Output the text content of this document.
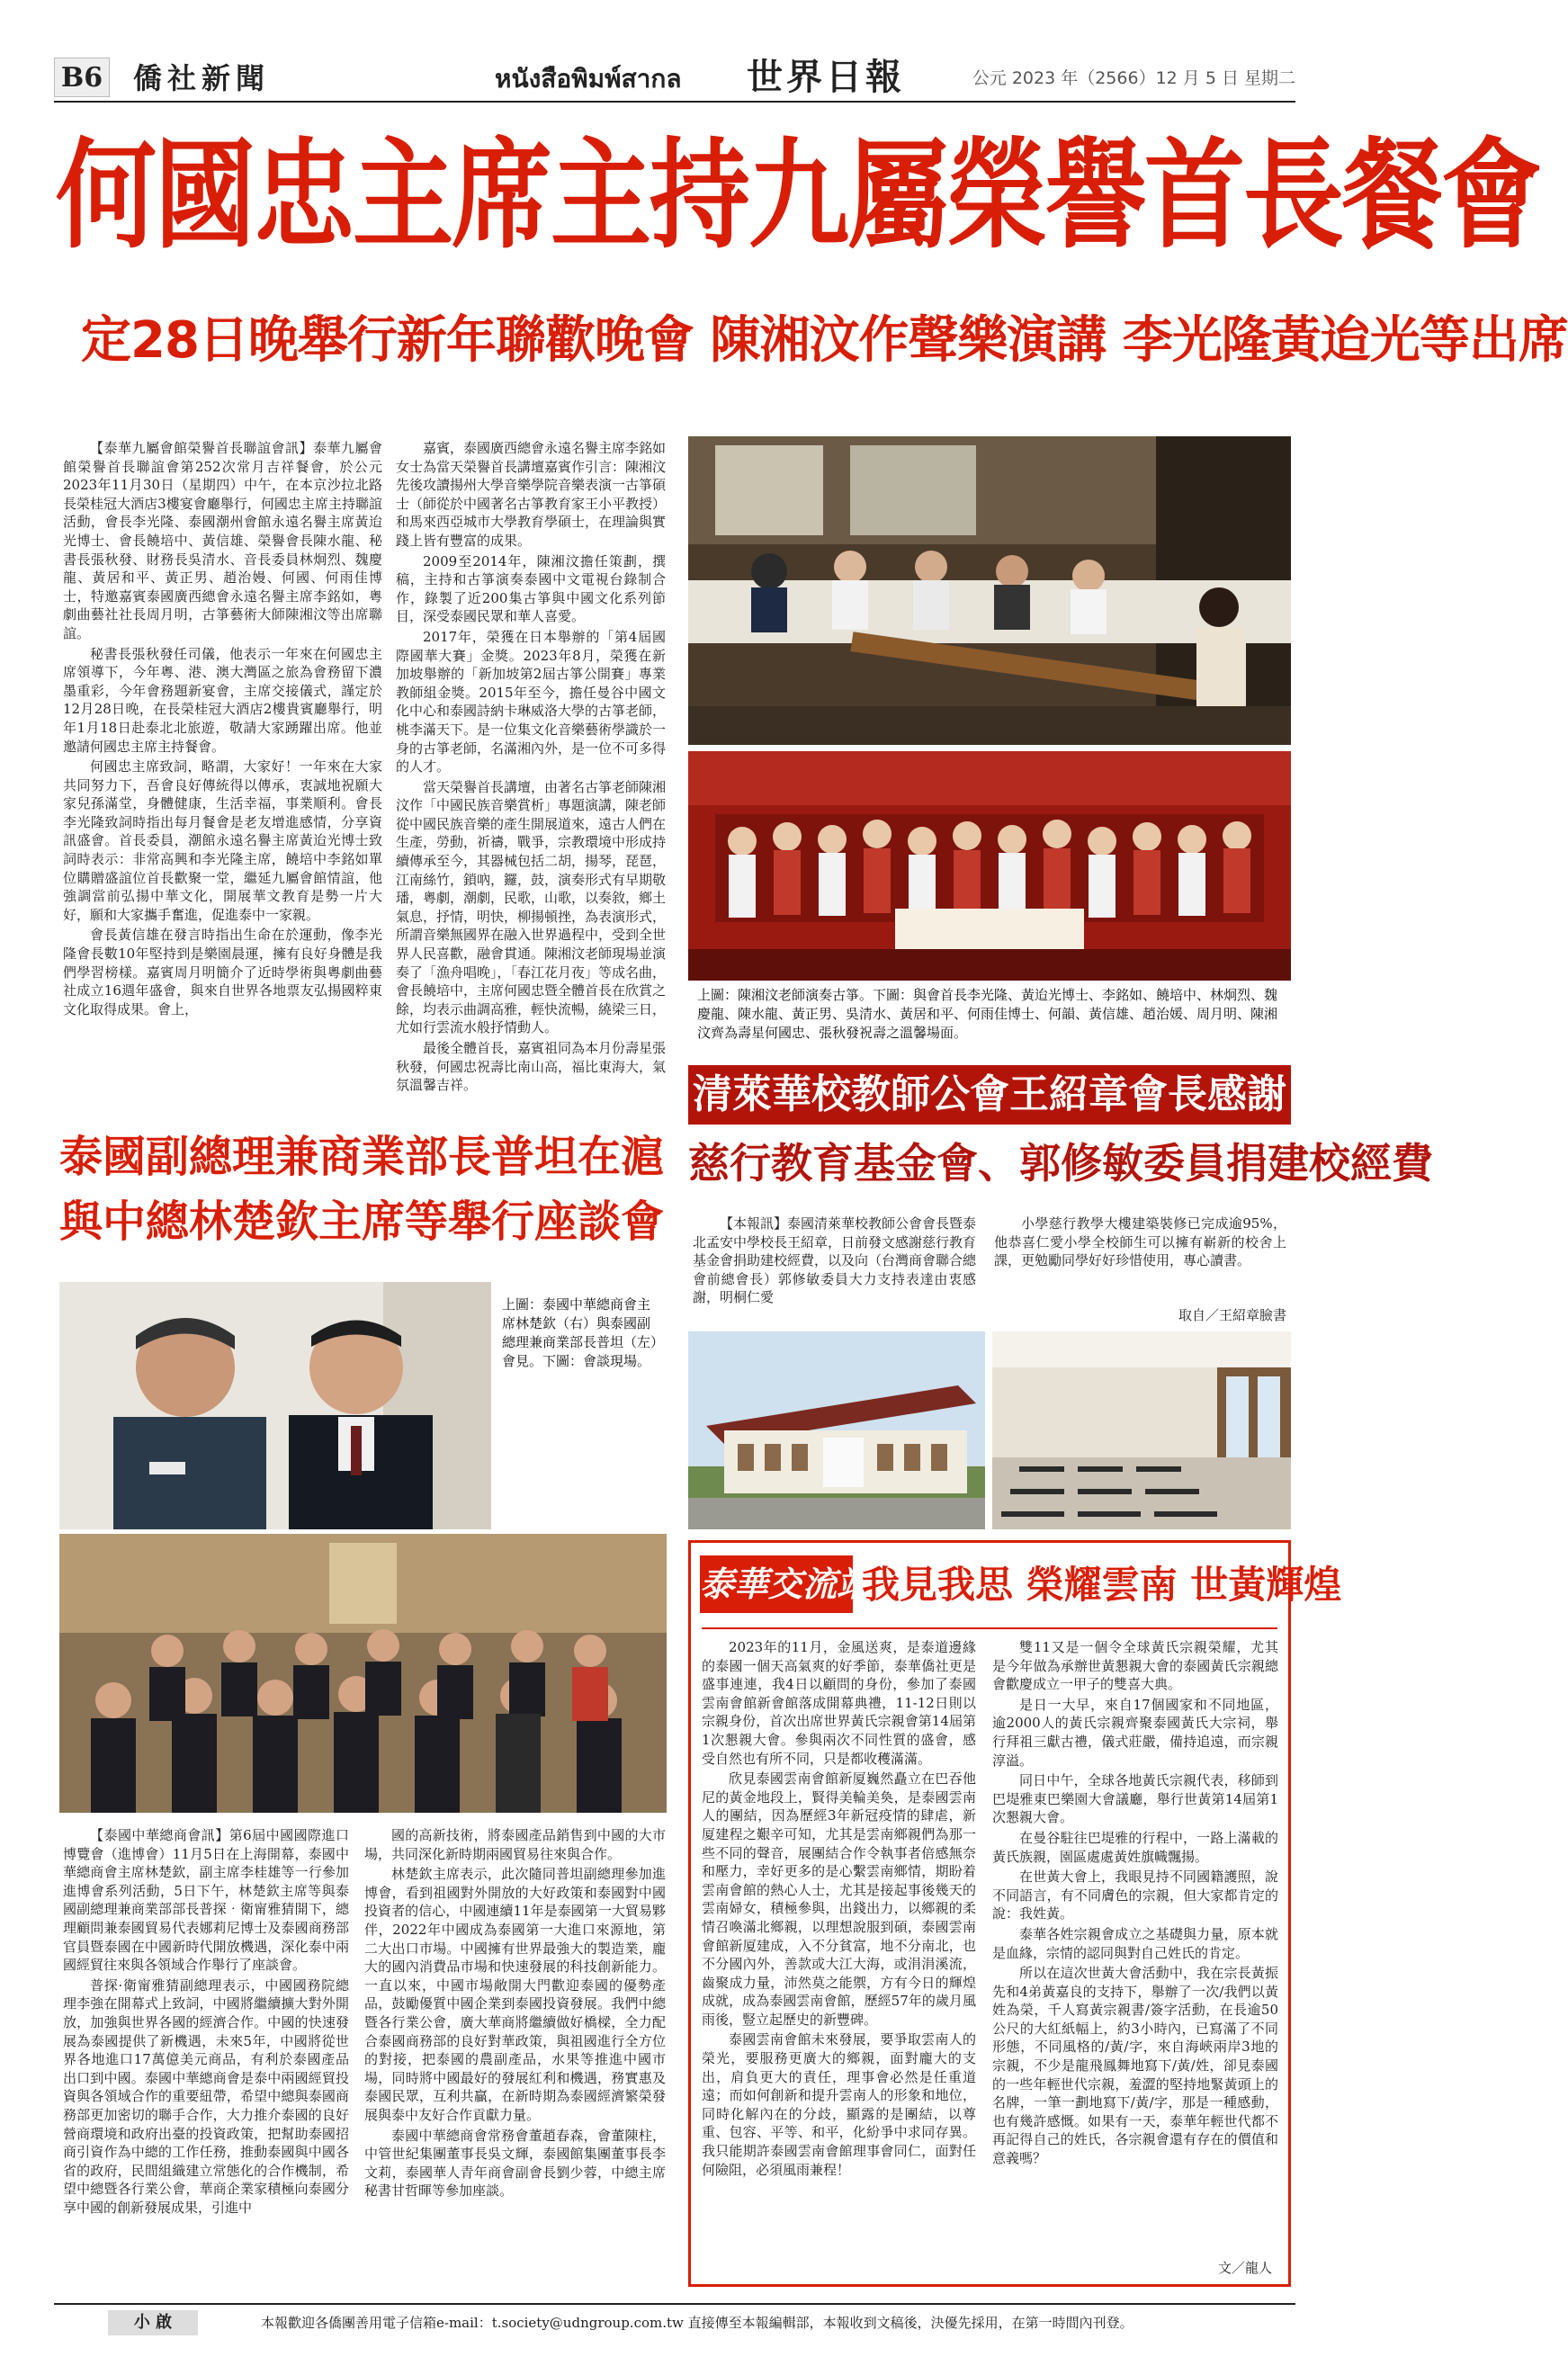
B6 僑社新聞	หนังสือพิมพ์สากล 世界日報	公元 2023 年（2566）12 月 5 日 星期二
何國忠主席主持九屬榮譽首長餐會
定28日晚舉行新年聯歡晚會 陳湘汶作聲樂演講 李光隆黃迨光等出席

【泰華九屬會館榮譽首長聯誼會訊】泰華九屬會館榮譽首長聯誼會第252次常月吉祥餐會，於公元2023年11月30日（星期四）中午，在本京沙拉北路長榮桂冠大酒店3樓宴會廳舉行，何國忠主席主持聯誼活動，會長李光隆、泰國潮州會館永遠名譽主席黃迨光博士、會長饒培中、黃信雄、榮譽會長陳水龍、秘書長張秋發、財務長吳清水、音長委員林炯烈、魏慶龍、黃居和平、黃正男、趙治嫚、何國、何雨佳博士，特邀嘉賓泰國廣西總會永遠名譽主席李銘如，粵劇曲藝社社長周月明，古箏藝術大師陳湘汶等出席聯誼。

秘書長張秋發任司儀，他表示一年來在何國忠主席領導下，今年粵、港、澳大灣區之旅為會務留下濃墨重彩，今年會務題新宴會，主席交接儀式，謹定於12月28日晚，在長榮桂冠大酒店2樓貴賓廳舉行，明年1月18日赴泰北北旅遊，敬請大家踴躍出席。他並邀請何國忠主席主持餐會。

何國忠主席致詞，略謂，大家好！一年來在大家共同努力下，吾會良好傳統得以傳承，衷誠地祝願大家兒孫滿堂，身體健康，生活幸福，事業順利。會長李光隆致詞時指出每月餐會是老友增進感情，分享資訊盛會。首長委員，潮館永遠名譽主席黃迨光博士致詞時表示：非常高興和李光隆主席，饒培中李銘如單位購贈盛誼位首長歡聚一堂，繼延九屬會館情誼，他強調當前弘揚中華文化，開展華文教育是勢一片大好，願和大家攜手奮進，促進泰中一家親。

會長黃信雄在發言時指出生命在於運動，像李光隆會長數10年堅持到是樂園晨運，擁有良好身體是我們學習榜樣。嘉賓周月明簡介了近時學術與粵劇曲藝社成立16週年盛會，與來自世界各地票友弘揚國粹東文化取得成果。會上，

嘉賓，泰國廣西總會永遠名譽主席李銘如女士為當天榮譽首長講壇嘉賓作引言：陳湘汶先後攻讀揚州大學音樂學院音樂表演一古箏碩士（師從於中國著名古箏教育家王小平教授）和馬來西亞城市大學教育學碩士，在理論與實踐上皆有豐富的成果。

2009至2014年，陳湘汶擔任策劃，撰稿，主持和古箏演奏泰國中文電視台錄制合作，錄製了近200集古箏與中國文化系列節目，深受泰國民眾和華人喜愛。

2017年，榮獲在日本舉辦的「第4屆國際國華大賽」金獎。2023年8月，榮獲在新加坡舉辦的「新加坡第2屆古箏公開賽」專業教師組金獎。2015年至今，擔任曼谷中國文化中心和泰國詩納卡琳威洛大學的古箏老師，桃李滿天下。是一位集文化音樂藝術學識於一身的古箏老師，名滿湘內外，是一位不可多得的人才。

當天榮譽首長講壇，由著名古箏老師陳湘汶作「中國民族音樂賞析」專題演講，陳老師從中國民族音樂的產生開展道來，遠古人們在生產，勞動，祈禱，戰爭，宗教環境中形成持續傳承至今，其器械包括二胡，揚琴，琵琶，江南絲竹，鎖吶，鑼，鼓，演奏形式有早期敬璠，粵劇，潮劇，民歌，山歌，以奏敘，鄉土氣息，抒情，明快，柳揚頓挫，為表演形式，所謂音樂無國界在融入世界過程中，受到全世界人民喜歡，融會貫通。陳湘汶老師現場並演奏了「漁舟唱晚」，「春江花月夜」等成名曲，會長饒培中，主席何國忠暨全體首長在欣賞之餘，均表示曲調高雅，輕快流暢，繞梁三日，尤如行雲流水般抒情動人。

最後全體首長，嘉賓祖同為本月份壽星張秋發，何國忠祝壽比南山高，福比東海大，氣氛溫馨吉祥。

上圖：陳湘汶老師演奏古箏。下圖：與會首長李光隆、黃迨光博士、李銘如、饒培中、林炯烈、魏慶龍、陳水龍、黃正男、吳清水、黃居和平、何雨佳博士、何韻、黃信雄、趙治媛、周月明、陳湘汶齊為壽星何國忠、張秋發祝壽之溫馨場面。

清萊華校教師公會王紹章會長感謝
慈行教育基金會、郭修敏委員捐建校經費

【本報訊】泰國清萊華校教師公會會長暨泰北孟安中學校長王紹章，日前發文感謝慈行教育基金會捐助建校經費，以及向（台灣商會聯合總會前總會長）郭修敏委員大力支持表達由衷感謝，明桐仁愛

小學慈行教學大樓建築裝修已完成逾95%，他恭喜仁愛小學全校師生可以擁有嶄新的校舍上課，更勉勵同學好好珍惜使用，專心讀書。

取自／王紹章臉書
泰華交流站
我見我思 榮耀雲南 世黃輝煌

2023年的11月，金風送爽，是泰道邊緣的泰國一個天高氣爽的好季節，泰華僑社更是盛事連連，我4日以顧問的身份，參加了泰國雲南會館新會館落成開幕典禮，11-12日則以宗親身份，首次出席世界黃氏宗親會第14屆第1次懇親大會。參與兩次不同性質的盛會，感受自然也有所不同，只是都收穫滿滿。

欣見泰國雲南會館新厦巍然矗立在巴吞他尼的黃金地段上，賢得美輪美奐，是泰國雲南人的團結，因為歷經3年新冠疫情的肆虐，新厦建程之艱辛可知，尤其是雲南鄉親們為那一些不同的聲音，展團結合作令執事者倍感無奈和壓力，幸好更多的是心繫雲南鄉情，期盼着雲南會館的熱心人士，尤其是接起事後幾天的雲南婦女，積極參與，出錢出力，以鄉親的柔情召喚滿北鄉親，以理想說服到碩，泰國雲南會館新厦建成，入不分貧富，地不分南北，也不分國內外，善款或大江大海，或涓涓溪流，齒聚成力量，沛然莫之能禦，方有今日的輝煌成就，成為泰國雲南會館，歷經57年的歲月風雨後，豎立起歷史的新豐碑。

泰國雲南會館未來發展，要爭取雲南人的榮光，要服務更廣大的鄉親，面對龐大的支出，肩負更大的責任，理事會必然是任重道遠；而如何創新和提升雲南人的形象和地位，同時化解內在的分歧，顯露的是團結，以尊重、包容、平等、和平，化紛爭中求同存異。我只能期許泰國雲南會館理事會同仁，面對任何險阻，必須風雨兼程！

雙11又是一個令全球黃氏宗親榮耀，尤其是今年做為承辦世黃懇親大會的泰國黃氏宗親總會歡慶成立一甲子的雙喜大典。

是日一大早，來自17個國家和不同地區，逾2000人的黃氏宗親齊聚泰國黃氏大宗祠，舉行拜祖三獻古禮，儀式莊嚴，備持追遠，而宗親淳溢。

同日中午，全球各地黃氏宗親代表，移師到巴堤雅東巴樂園大會議廳，舉行世黃第14屆第1次懇親大會。

在曼谷駐往巴堤雅的行程中，一路上滿載的黃氏族親，園區處處黃姓旗幟飄揚。

在世黃大會上，我眼見持不同國籍護照，說不同語言，有不同膚色的宗親，但大家都肯定的說：我姓黃。

泰華各姓宗親會成立之基礎與力量，原本就是血緣，宗情的認同與對自己姓氏的肯定。

所以在這次世黃大會活動中，我在宗長黃振先和4弟黃嘉良的支持下，舉辦了一次/我們以黃姓為榮，千人寫黃宗親書/簽字活動，在長逾50公尺的大紅紙幅上，約3小時內，已寫滿了不同形態，不同風格的/黃/字，來自海峽兩岸3地的宗親，不少是龍飛鳳舞地寫下/黃/姓，卻見泰國的一些年輕世代宗親，羞澀的堅持地緊黃頭上的名牌，一筆一劃地寫下/黃/字，那是一種感動，也有幾許感慨。如果有一天，泰華年輕世代都不再記得自己的姓氏，各宗親會還有存在的價值和意義嗎？

文／龍人
泰國副總理兼商業部長普坦在滬
與中總林楚欽主席等舉行座談會

上圖：泰國中華總商會主席林楚欽（右）與泰國副總理兼商業部長普坦（左）會見。下圖：會談現場。

【泰國中華總商會訊】第6屆中國國際進口博覽會（進博會）11月5日在上海開幕，泰國中華總商會主席林楚欽，副主席李桂雄等一行參加進博會系列活動，5日下午，林楚欽主席等與泰國副總理兼商業部部長普探‧衛甯雅猜開下，總理顧問兼泰國貿易代表娜莉尼博士及泰國商務部官員暨泰國在中國新時代開放機遇，深化泰中兩國經貿往來與各領域合作舉行了座談會。

普探·衛甯雅猜副總理表示，中國國務院總理李強在開幕式上致詞，中國將繼續擴大對外開放，加強與世界各國的經濟合作。中國的快速發展為泰國提供了新機遇，未來5年，中國將從世界各地進口17萬億美元商品，有利於泰國產品出口到中國。泰國中華總商會是泰中兩國經貿投資與各領域合作的重要紐帶，希望中總與泰國商務部更加密切的聯手合作，大力推介泰國的良好營商環境和政府出臺的投資政策，把幫助泰國招商引資作為中總的工作任務，推動泰國與中國各省的政府，民間組織建立常態化的合作機制，希望中總暨各行業公會，華商企業家積極向泰國分享中國的創新發展成果，引進中

國的高新技術，將泰國產品銷售到中國的大市場，共同深化新時期兩國貿易往來與合作。

林楚欽主席表示，此次隨同普坦副總理參加進博會，看到祖國對外開放的大好政策和泰國對中國投資者的信心，中國連續11年是泰國第一大貿易夥伴，2022年中國成為泰國第一大進口來源地，第二大出口市場。中國擁有世界最強大的製造業，龐大的國內消費品市場和快速發展的科技創新能力。一直以來，中國市場敞開大門歡迎泰國的優勢產品，鼓勵優質中國企業到泰國投資發展。我們中總暨各行業公會，廣大華商將繼續做好橋樑，全力配合泰國商務部的良好對華政策，與祖國進行全方位的對接，把泰國的農副產品，水果等推進中國市場，同時將中國最好的發展紅利和機遇，務實惠及泰國民眾，互利共贏，在新時期為泰國經濟繁榮發展與泰中友好合作貢獻力量。

泰國中華總商會常務會董趙春森，會董陳柱，中管世紀集團董事長吳文輝，泰國館集團董事長李文莉，泰國華人青年商會副會長劉少蓉，中總主席秘書甘哲暉等參加座談。

小 啟	本報歡迎各僑團善用電子信箱e-mail：t.society@udngroup.com.tw 直接傳至本報編輯部，本報收到文稿後，決優先採用，在第一時間內刊登。
